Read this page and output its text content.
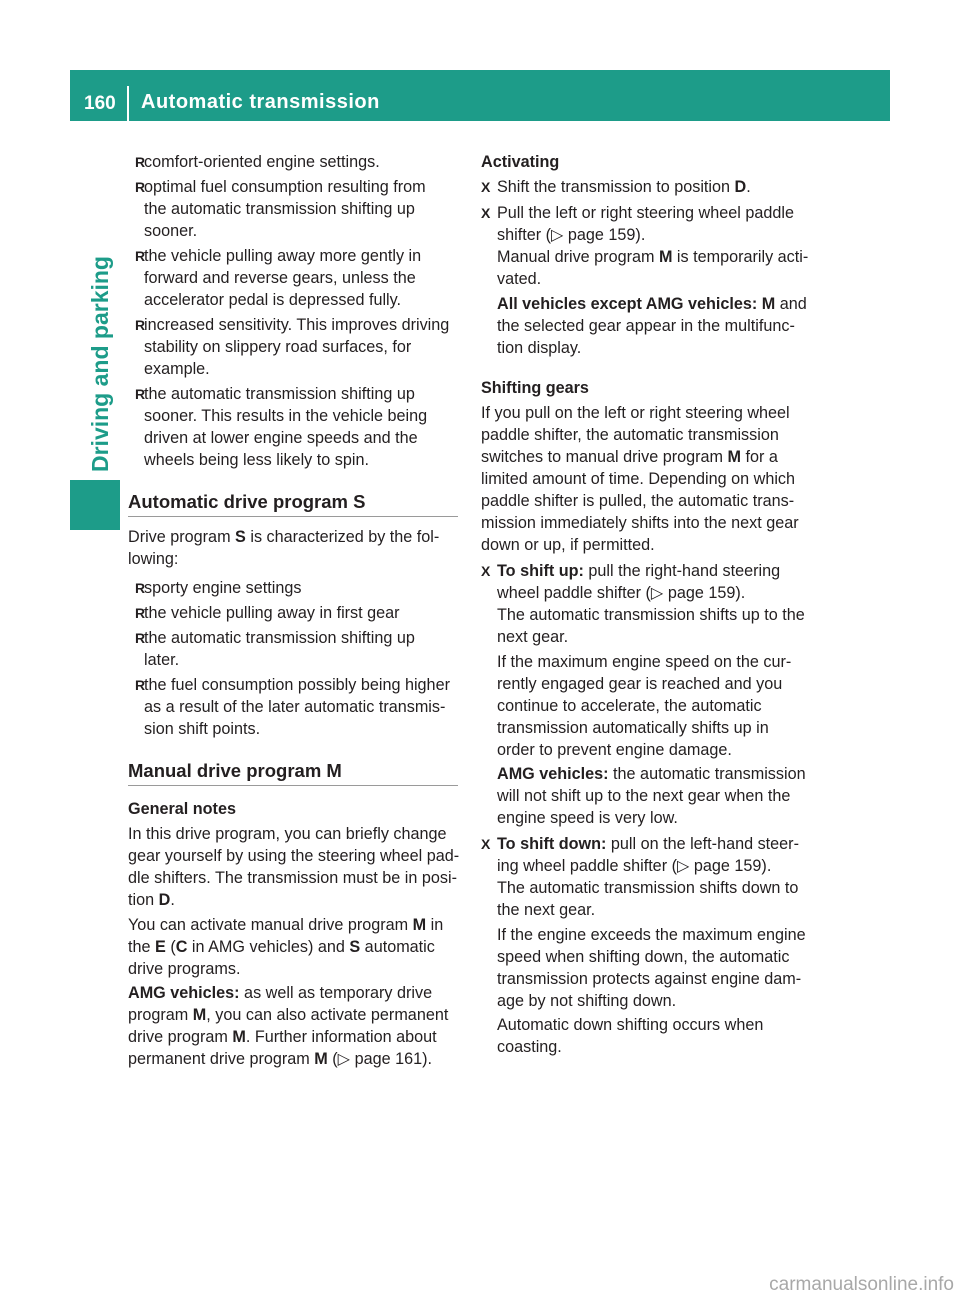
160 Automatic transmission
Driving and parking
R
comfort-oriented engine settings.
R
optimal fuel consumption resulting from
the automatic transmission shifting up
sooner.
R
the vehicle pulling away more gently in
forward and reverse gears, unless the
accelerator pedal is depressed fully.
R
increased sensitivity. This improves driving
stability on slippery road surfaces, for
example.
R
the automatic transmission shifting up
sooner. This results in the vehicle being
driven at lower engine speeds and the
wheels being less likely to spin.
Automatic drive program S
Drive program S is characterized by the fol-
lowing:
R
sporty engine settings
R
the vehicle pulling away in first gear
R
the automatic transmission shifting up
later.
R
the fuel consumption possibly being higher
as a result of the later automatic transmis-
sion shift points.
Manual drive program M
General notes
In this drive program, you can briefly change
gear yourself by using the steering wheel pad-
dle shifters. The transmission must be in posi-
tion D.
You can activate manual drive program M in
the E (C in AMG vehicles) and S automatic
drive programs.
AMG vehicles: as well as temporary drive
program M, you can also activate permanent
drive program M. Further information about
permanent drive program M (▷ page 161).
Activating
X Shift the transmission to position D.
X Pull the left or right steering wheel paddle
shifter (▷ page 159).
Manual drive program M is temporarily acti-
vated.
All vehicles except AMG vehicles: M and
the selected gear appear in the multifunc-
tion display.
Shifting gears
If you pull on the left or right steering wheel
paddle shifter, the automatic transmission
switches to manual drive program M for a
limited amount of time. Depending on which
paddle shifter is pulled, the automatic trans-
mission immediately shifts into the next gear
down or up, if permitted.
X To shift up: pull the right-hand steering
wheel paddle shifter (▷ page 159).
The automatic transmission shifts up to the
next gear.
If the maximum engine speed on the cur-
rently engaged gear is reached and you
continue to accelerate, the automatic
transmission automatically shifts up in
order to prevent engine damage.
AMG vehicles: the automatic transmission
will not shift up to the next gear when the
engine speed is very low.
X To shift down: pull on the left-hand steer-
ing wheel paddle shifter (▷ page 159).
The automatic transmission shifts down to
the next gear.
If the engine exceeds the maximum engine
speed when shifting down, the automatic
transmission protects against engine dam-
age by not shifting down.
Automatic down shifting occurs when
coasting.
carmanualsonline.info
